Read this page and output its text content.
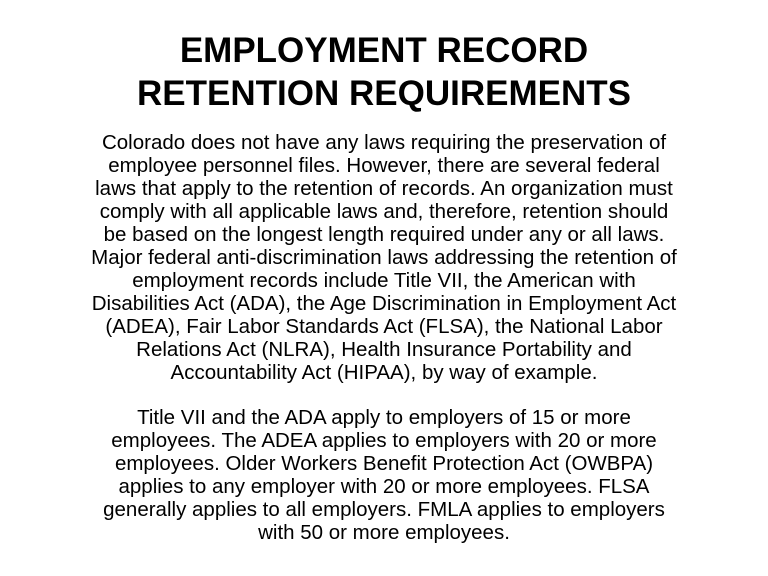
EMPLOYMENT RECORD
RETENTION REQUIREMENTS
Colorado does not have any laws requiring the preservation of
employee personnel files. However, there are several federal
laws that apply to the retention of records. An organization must
comply with all applicable laws and, therefore, retention should
be based on the longest length required under any or all laws.
Major federal anti-discrimination laws addressing the retention of
employment records include Title VII, the American with
Disabilities Act (ADA), the Age Discrimination in Employment Act
(ADEA), Fair Labor Standards Act (FLSA), the National Labor
Relations Act (NLRA), Health Insurance Portability and
Accountability Act (HIPAA), by way of example.
Title VII and the ADA apply to employers of 15 or more
employees. The ADEA applies to employers with 20 or more
employees. Older Workers Benefit Protection Act (OWBPA)
applies to any employer with 20 or more employees. FLSA
generally applies to all employers. FMLA applies to employers
with 50 or more employees.
